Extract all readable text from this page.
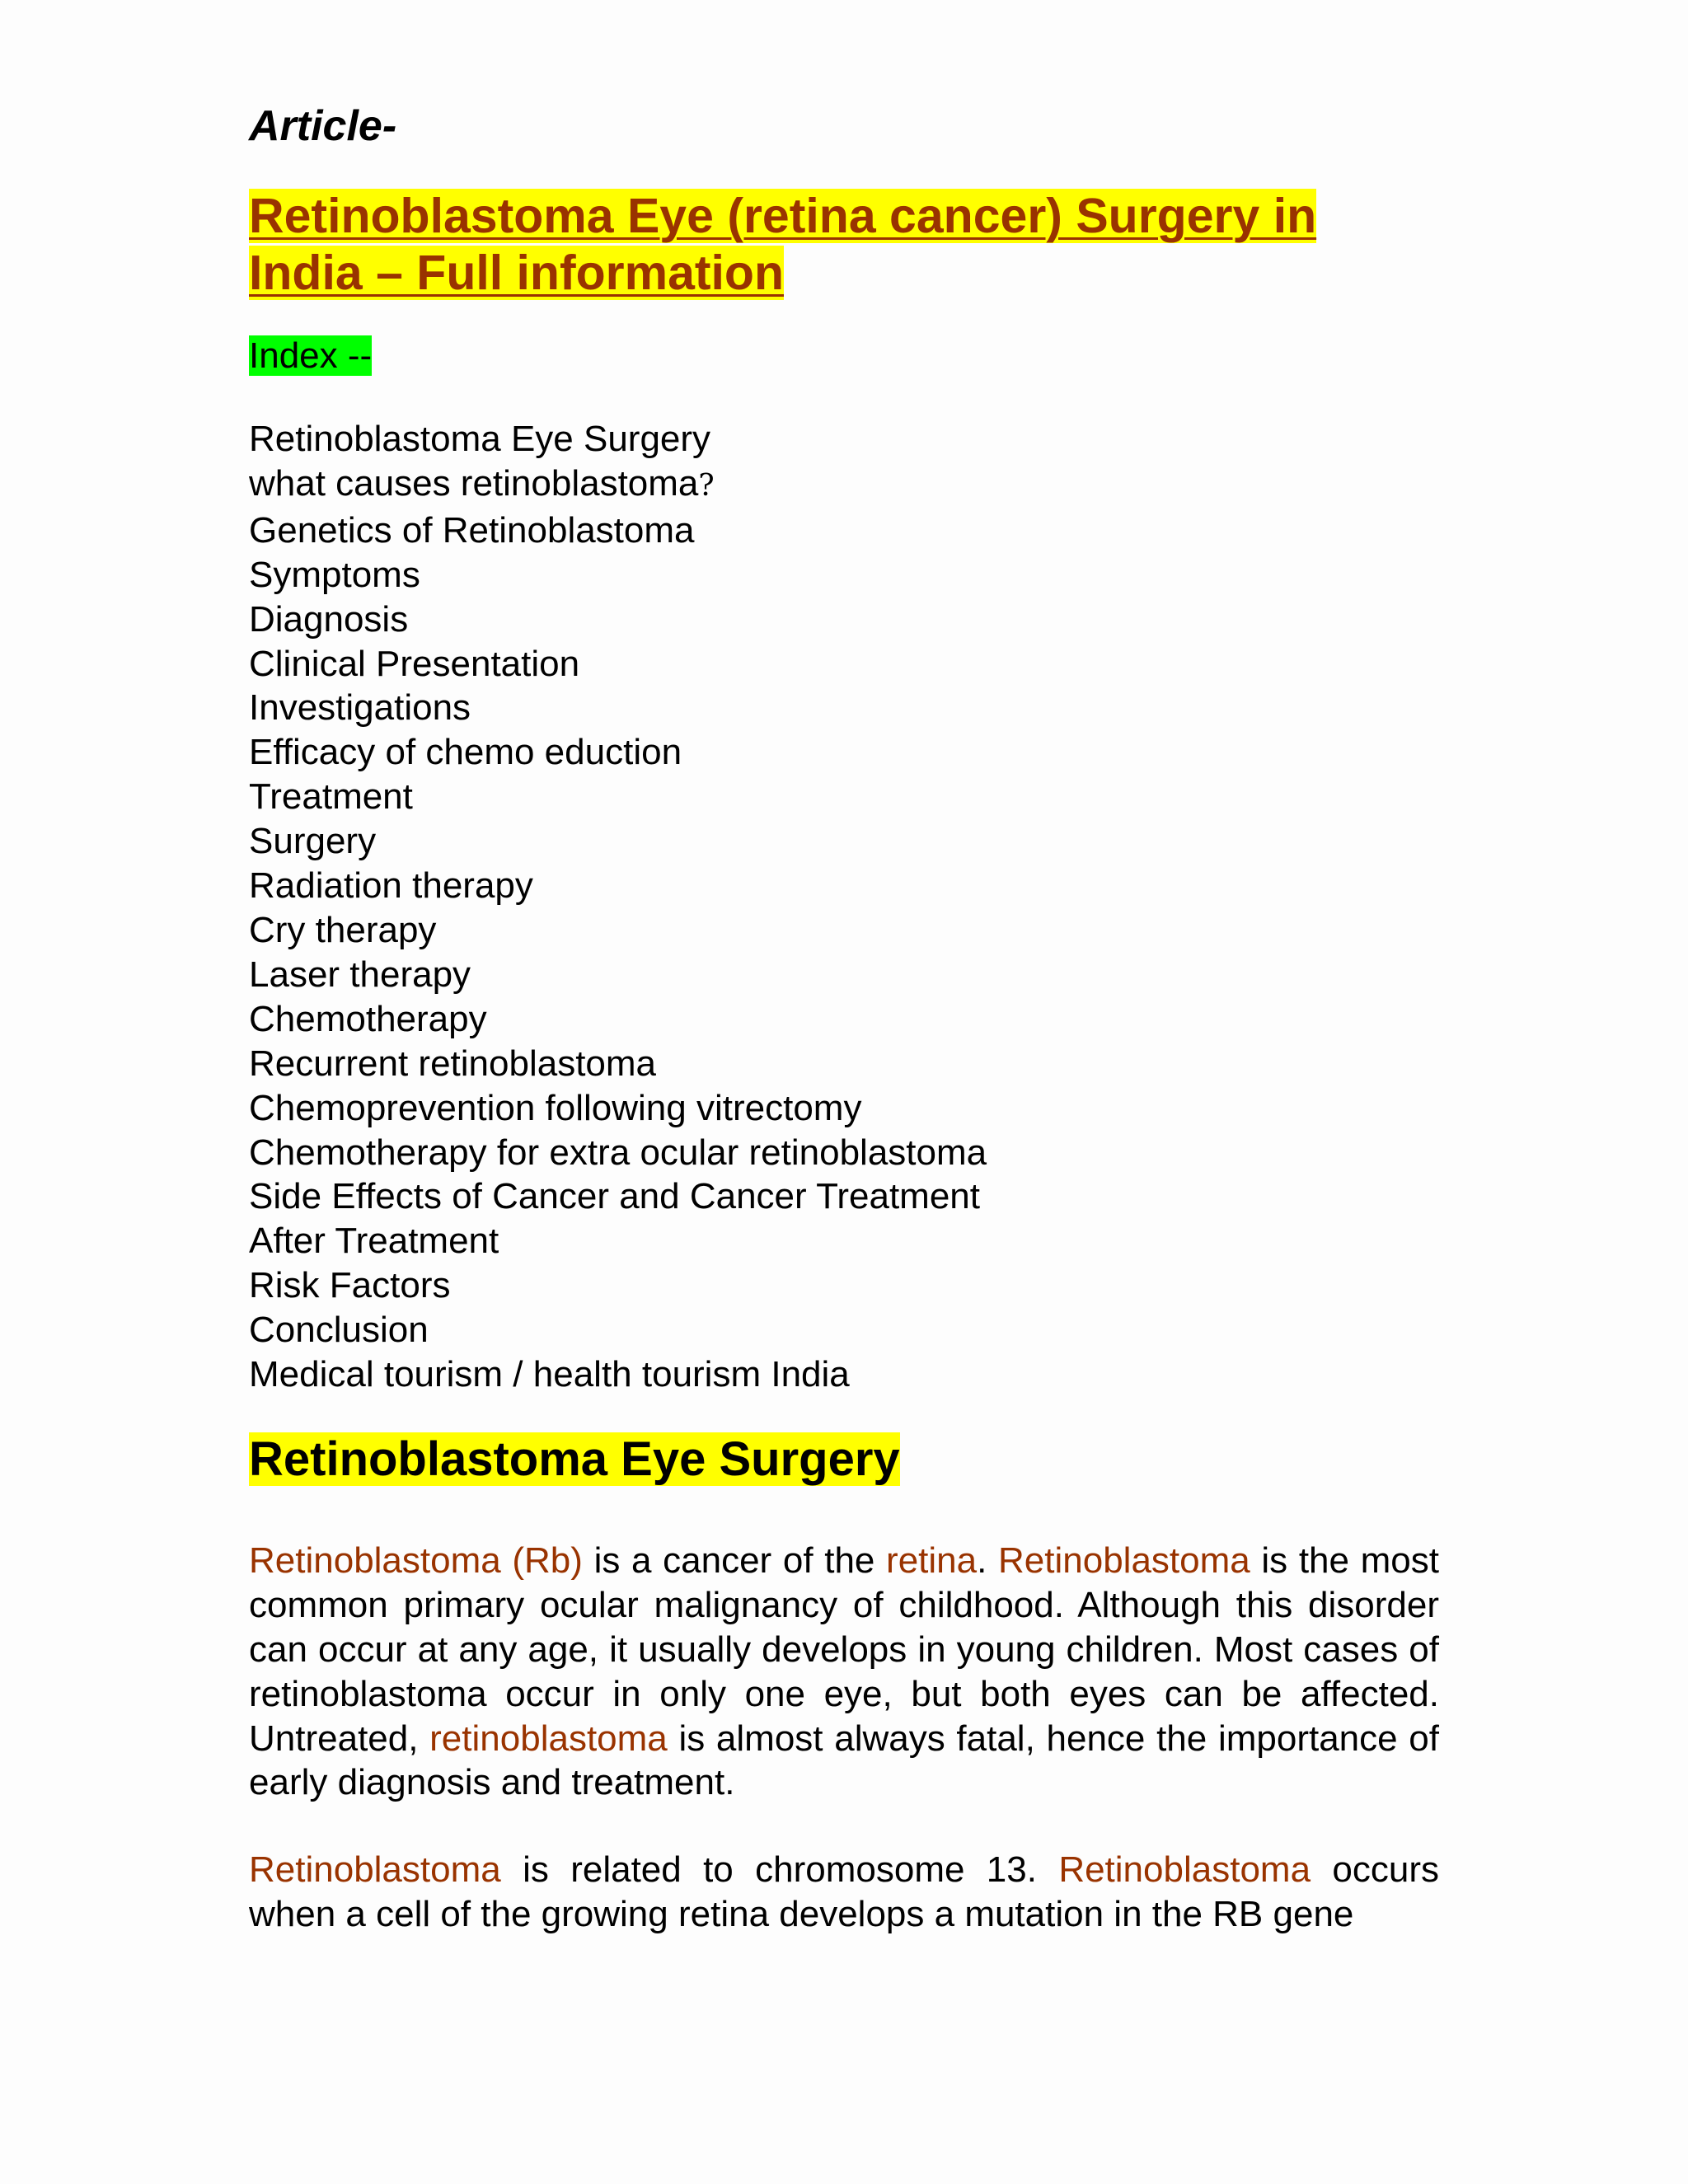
Article-

Retinoblastoma Eye (retina cancer) Surgery in
India – Full information

Index --

Retinoblastoma Eye Surgery
what causes retinoblastoma?
Genetics of Retinoblastoma
Symptoms
Diagnosis
Clinical Presentation
Investigations
Efficacy of chemo eduction
Treatment
Surgery
Radiation therapy
Cry therapy
Laser therapy
Chemotherapy
Recurrent retinoblastoma
Chemoprevention following vitrectomy
Chemotherapy for extra ocular retinoblastoma
Side Effects of Cancer and Cancer Treatment
After Treatment
Risk Factors
Conclusion
Medical tourism / health tourism India
Retinoblastoma Eye Surgery

Retinoblastoma (Rb) is a cancer of the retina. Retinoblastoma is the most common primary ocular malignancy of childhood. Although this disorder can occur at any age, it usually develops in young children. Most cases of retinoblastoma occur in only one eye, but both eyes can be affected. Untreated, retinoblastoma is almost always fatal, hence the importance of early diagnosis and treatment.

Retinoblastoma is related to chromosome 13. Retinoblastoma occurs when a cell of the growing retina develops a mutation in the RB gene
